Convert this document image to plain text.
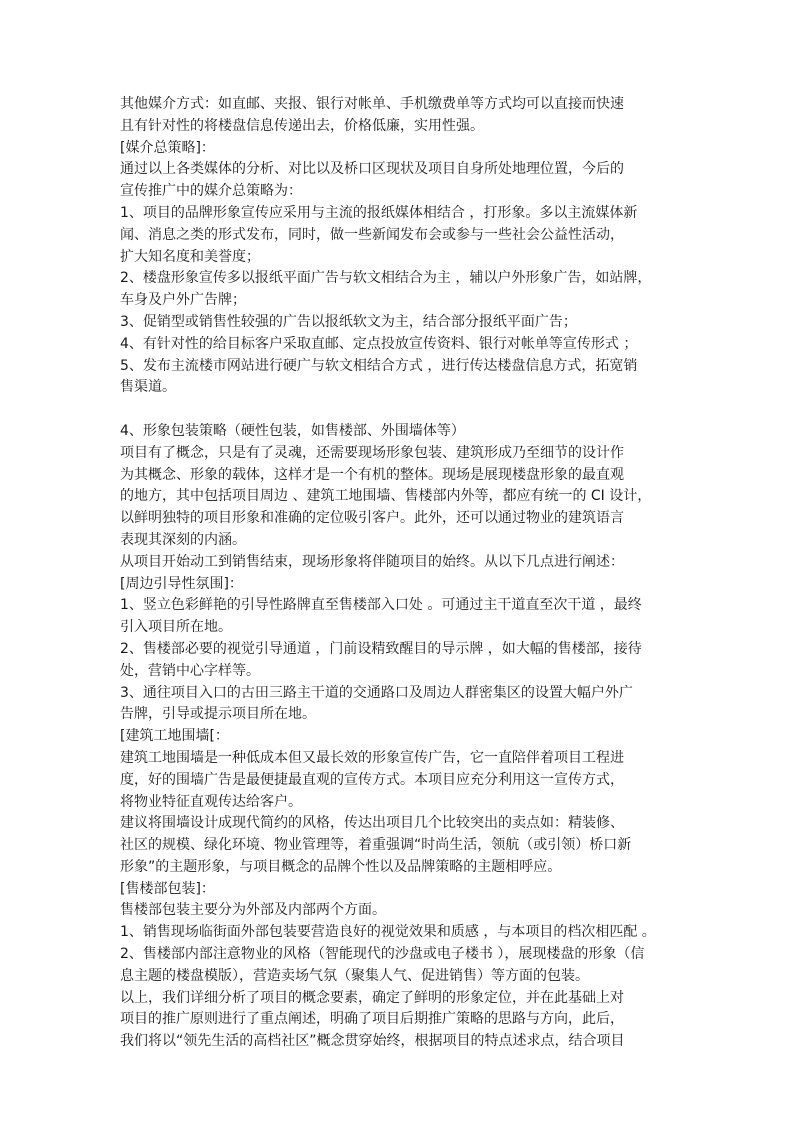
其他媒介方式：如直邮、夹报、银行对帐单、手机缴费单等方式均可以直接而快速
且有针对性的将楼盘信息传递出去，价格低廉，实用性强。
[媒介总策略]：
通过以上各类媒体的分析、对比以及桥口区现状及项目自身所处地理位置，今后的
宣传推广中的媒介总策略为：
1、项目的品牌形象宣传应采用与主流的报纸媒体相结合 ，打形象。多以主流媒体新
闻、消息之类的形式发布，同时，做一些新闻发布会或参与一些社会公益性活动，
扩大知名度和美誉度；
2、楼盘形象宣传多以报纸平面广告与软文相结合为主 ，辅以户外形象广告，如站牌，
车身及户外广告牌；
3、促销型或销售性较强的广告以报纸软文为主，结合部分报纸平面广告；
4、有针对性的给目标客户采取直邮、定点投放宣传资料、银行对帐单等宣传形式 ；
5、发布主流楼市网站进行硬广与软文相结合方式 ，进行传达楼盘信息方式，拓宽销
售渠道。
4、形象包装策略（硬性包装，如售楼部、外围墙体等）
项目有了概念，只是有了灵魂，还需要现场形象包装、建筑形成乃至细节的设计作
为其概念、形象的载体，这样才是一个有机的整体。现场是展现楼盘形象的最直观
的地方，其中包括项目周边 、建筑工地围墙、售楼部内外等，都应有统一的 CI 设计，
以鲜明独特的项目形象和准确的定位吸引客户。此外，还可以通过物业的建筑语言
表现其深刻的内涵。
从项目开始动工到销售结束，现场形象将伴随项目的始终。从以下几点进行阐述：
[周边引导性氛围]：
1、竖立色彩鲜艳的引导性路牌直至售楼部入口处 。可通过主干道直至次干道 ，最终
引入项目所在地。
2、售楼部必要的视觉引导通道 ，门前设精致醒目的导示牌 ，如大幅的售楼部，接待
处，营销中心字样等。
3、通往项目入口的古田三路主干道的交通路口及周边人群密集区的设置大幅户外广
告牌，引导或提示项目所在地。
[建筑工地围墙[：
建筑工地围墙是一种低成本但又最长效的形象宣传广告，它一直陪伴着项目工程进
度，好的围墙广告是最便捷最直观的宣传方式。本项目应充分利用这一宣传方式，
将物业特征直观传达给客户。
建议将围墙设计成现代简约的风格，传达出项目几个比较突出的卖点如：精装修、
社区的规模、绿化环境、物业管理等，着重强调“时尚生活，领航（或引领）桥口新
形象”的主题形象，与项目概念的品牌个性以及品牌策略的主题相呼应。
[售楼部包装]：
售楼部包装主要分为外部及内部两个方面。
1、销售现场临街面外部包装要营造良好的视觉效果和质感 ，与本项目的档次相匹配 。
2、售楼部内部注意物业的风格（智能现代的沙盘或电子楼书 ），展现楼盘的形象（信
息主题的楼盘模版），营造卖场气氛（聚集人气、促进销售）等方面的包装。
以上，我们详细分析了项目的概念要素，确定了鲜明的形象定位，并在此基础上对
项目的推广原则进行了重点阐述，明确了项目后期推广策略的思路与方向，此后，
我们将以“领先生活的高档社区”概念贯穿始终，根据项目的特点述求点，结合项目
